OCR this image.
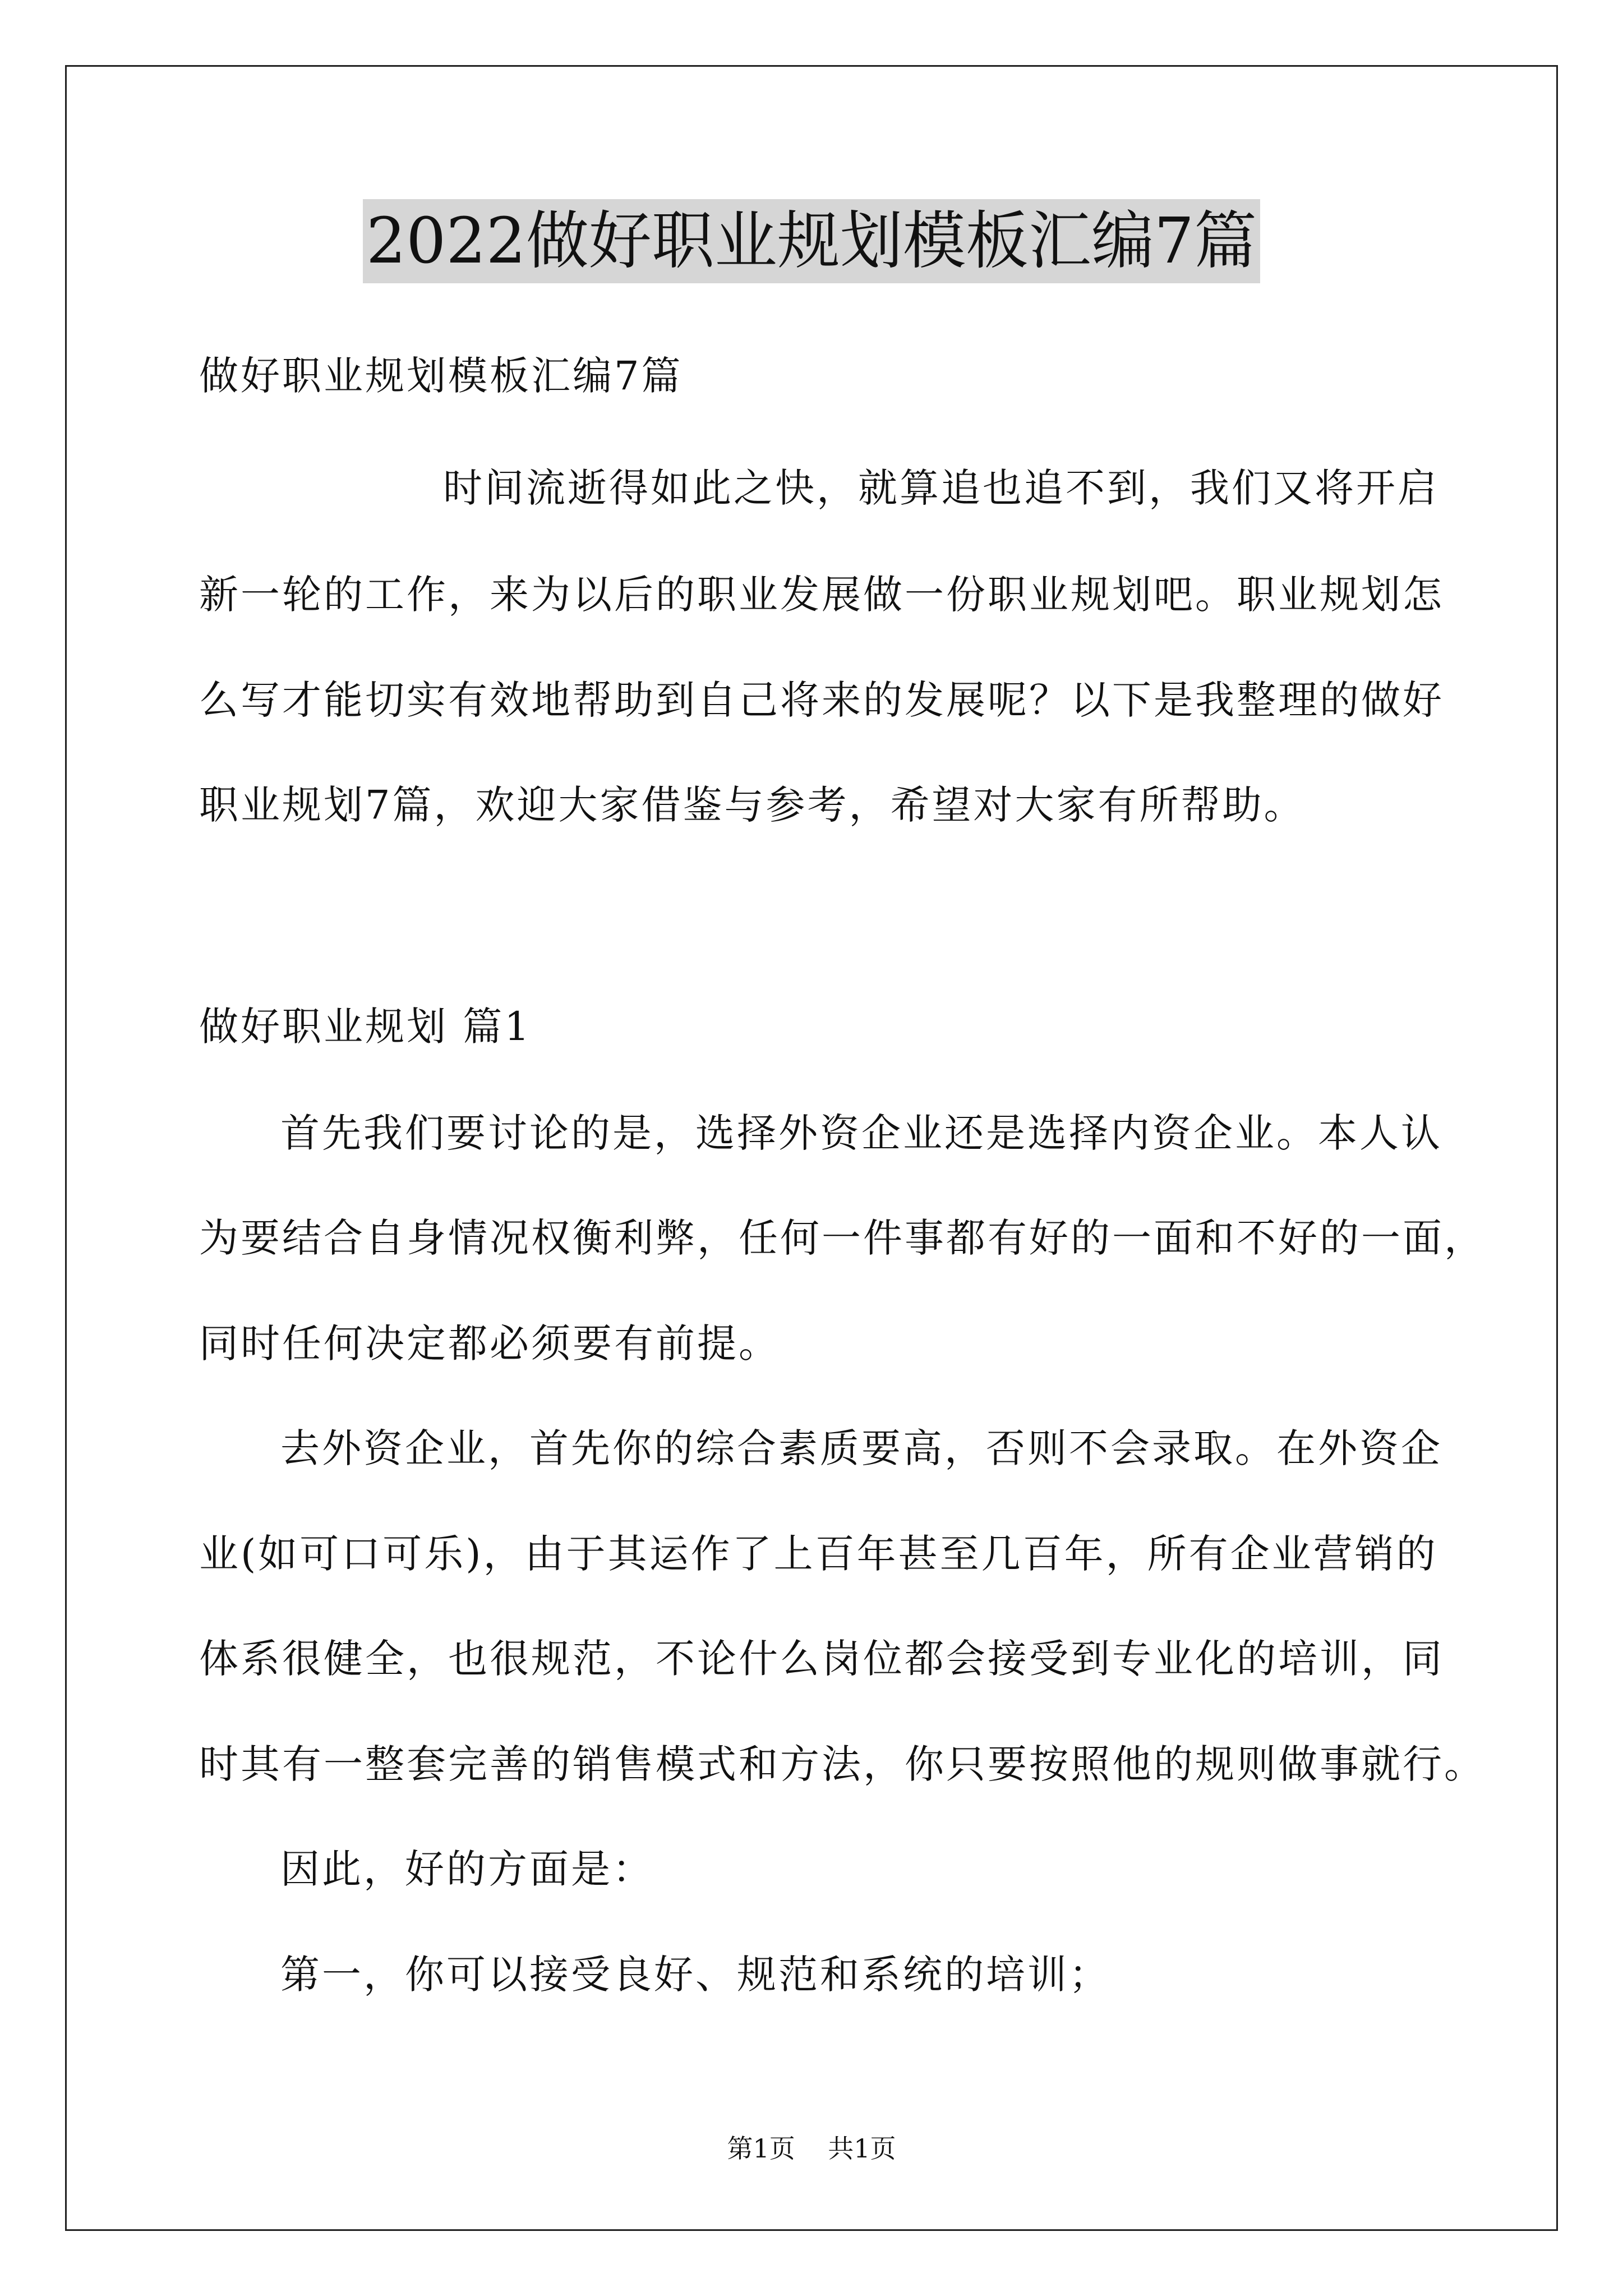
2022做好职业规划模板汇编7篇
做好职业规划模板汇编7篇
时间流逝得如此之快，就算追也追不到，我们又将开启
新一轮的工作，来为以后的职业发展做一份职业规划吧。职业规划怎
么写才能切实有效地帮助到自己将来的发展呢？以下是我整理的做好
职业规划7篇，欢迎大家借鉴与参考，希望对大家有所帮助。
做好职业规划 篇1
首先我们要讨论的是，选择外资企业还是选择内资企业。本人认
为要结合自身情况权衡利弊，任何一件事都有好的一面和不好的一面，
同时任何决定都必须要有前提。
去外资企业，首先你的综合素质要高，否则不会录取。在外资企
业(如可口可乐)，由于其运作了上百年甚至几百年，所有企业营销的
体系很健全，也很规范，不论什么岗位都会接受到专业化的培训，同
时其有一整套完善的销售模式和方法，你只要按照他的规则做事就行。
因此，好的方面是：
第一，你可以接受良好、规范和系统的培训；
第1页    共1页
